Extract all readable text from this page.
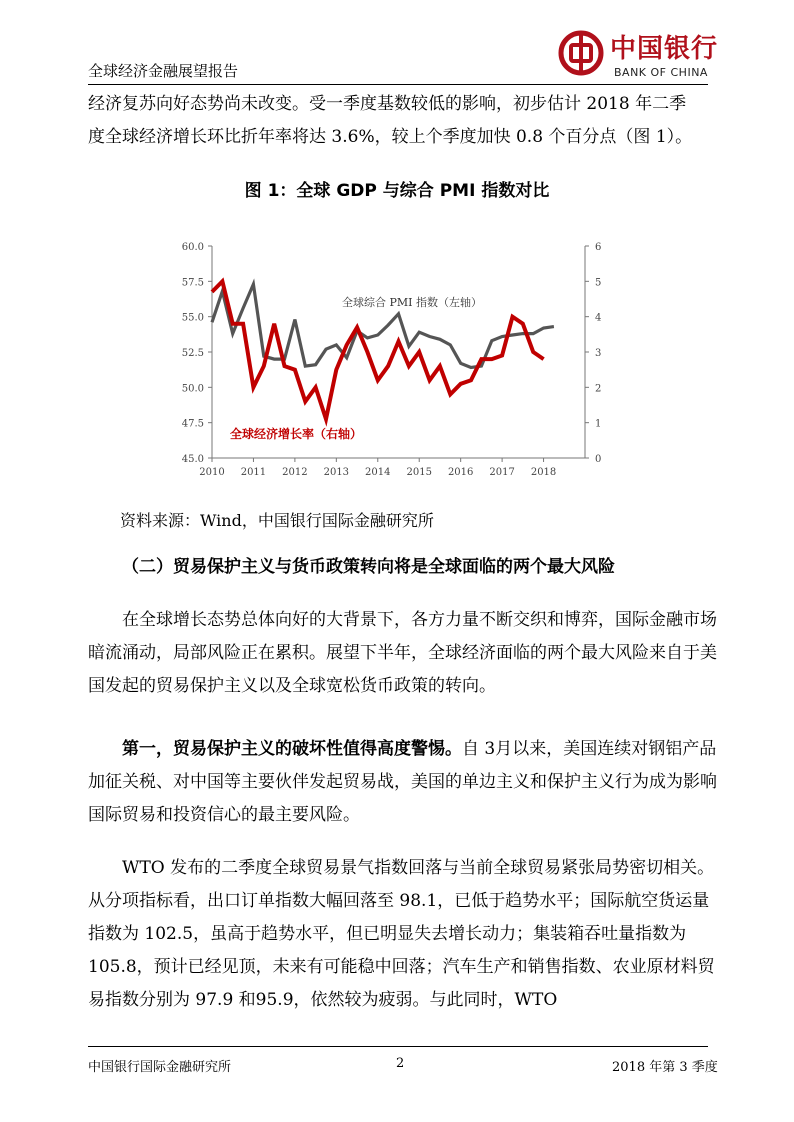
全球经济金融展望报告
中国银行
BANK OF CHINA
经济复苏向好态势尚未改变。受一季度基数较低的影响，初步估计 2018 年二季
度全球经济增长环比折年率将达 3.6%，较上个季度加快 0.8 个百分点（图 1）。
图 1：全球 GDP 与综合 PMI 指数对比
60.0
57.5
55.0
52.5
50.0
47.5
45.0
6
5
4
3
2
1
0
2010 2011 2012 2013 2014 2015 2016 2017 2018
全球综合 PMI 指数（左轴）
全球经济增长率（右轴）
资料来源：Wind，中国银行国际金融研究所
（二）贸易保护主义与货币政策转向将是全球面临的两个最大风险
在全球增长态势总体向好的大背景下，各方力量不断交织和博弈，国际金融市场暗流涌动，局部风险正在累积。展望下半年，全球经济面临的两个最大风险来自于美国发起的贸易保护主义以及全球宽松货币政策的转向。
第一，贸易保护主义的破坏性值得高度警惕。自 3月以来，美国连续对钢铝产品加征关税、对中国等主要伙伴发起贸易战，美国的单边主义和保护主义行为成为影响国际贸易和投资信心的最主要风险。
WTO 发布的二季度全球贸易景气指数回落与当前全球贸易紧张局势密切相关。从分项指标看，出口订单指数大幅回落至 98.1，已低于趋势水平；国际航空货运量指数为 102.5，虽高于趋势水平，但已明显失去增长动力；集装箱吞吐量指数为 105.8，预计已经见顶，未来有可能稳中回落；汽车生产和销售指数、农业原材料贸易指数分别为 97.9 和95.9，依然较为疲弱。与此同时，WTO
中国银行国际金融研究所	2	2018 年第 3 季度
